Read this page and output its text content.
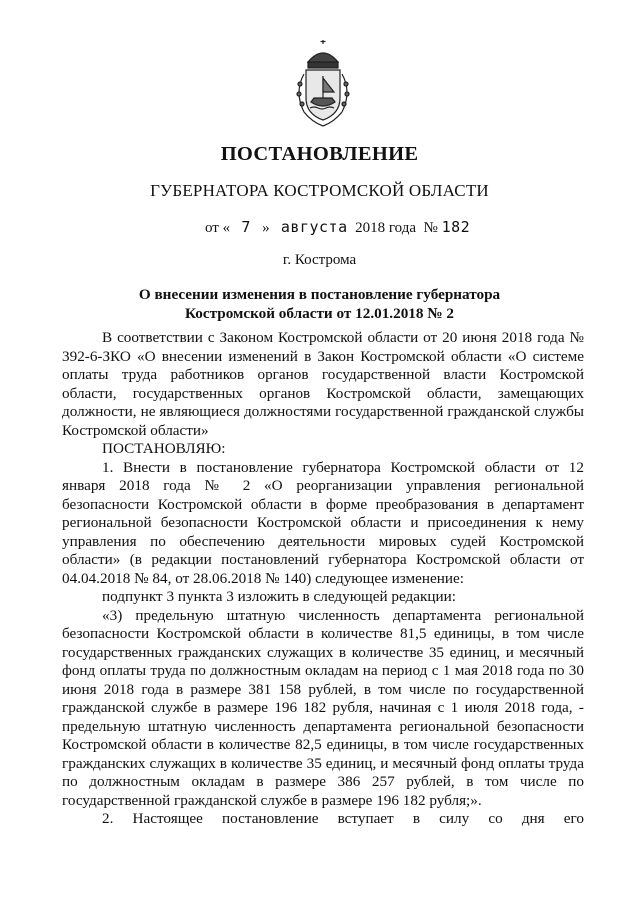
ПОСТАНОВЛЕНИЕ
ГУБЕРНАТОРА КОСТРОМСКОЙ ОБЛАСТИ
от « 7 » августа 2018 года № 182
г. Кострома
О внесении изменения в постановление губернатора
Костромской области от 12.01.2018 № 2

В соответствии с Законом Костромской области от 20 июня 2018 года № 392-6-ЗКО «О внесении изменений в Закон Костромской области «О системе оплаты труда работников органов государственной власти Костромской области, государственных органов Костромской области, замещающих должности, не являющиеся должностями государственной гражданской службы Костромской области»

ПОСТАНОВЛЯЮ:

1. Внести в постановление губернатора Костромской области от 12 января 2018 года № 2 «О реорганизации управления региональной безопасности Костромской области в форме преобразования в департамент региональной безопасности Костромской области и присоединения к нему управления по обеспечению деятельности мировых судей Костромской области» (в редакции постановлений губернатора Костромской области от 04.04.2018 № 84, от 28.06.2018 № 140) следующее изменение:

подпункт 3 пункта 3 изложить в следующей редакции:

«3) предельную штатную численность департамента региональной безопасности Костромской области в количестве 81,5 единицы, в том числе государственных гражданских служащих в количестве 35 единиц, и месячный фонд оплаты труда по должностным окладам на период с 1 мая 2018 года по 30 июня 2018 года в размере 381 158 рублей, в том числе по государственной гражданской службе в размере 196 182 рубля, начиная с 1 июля 2018 года, - предельную штатную численность департамента региональной безопасности Костромской области в количестве 82,5 единицы, в том числе государственных гражданских служащих в количестве 35 единиц, и месячный фонд оплаты труда по должностным окладам в размере 386 257 рублей, в том числе по государственной гражданской службе в размере 196 182 рубля;».

2. Настоящее постановление вступает в силу со дня его
